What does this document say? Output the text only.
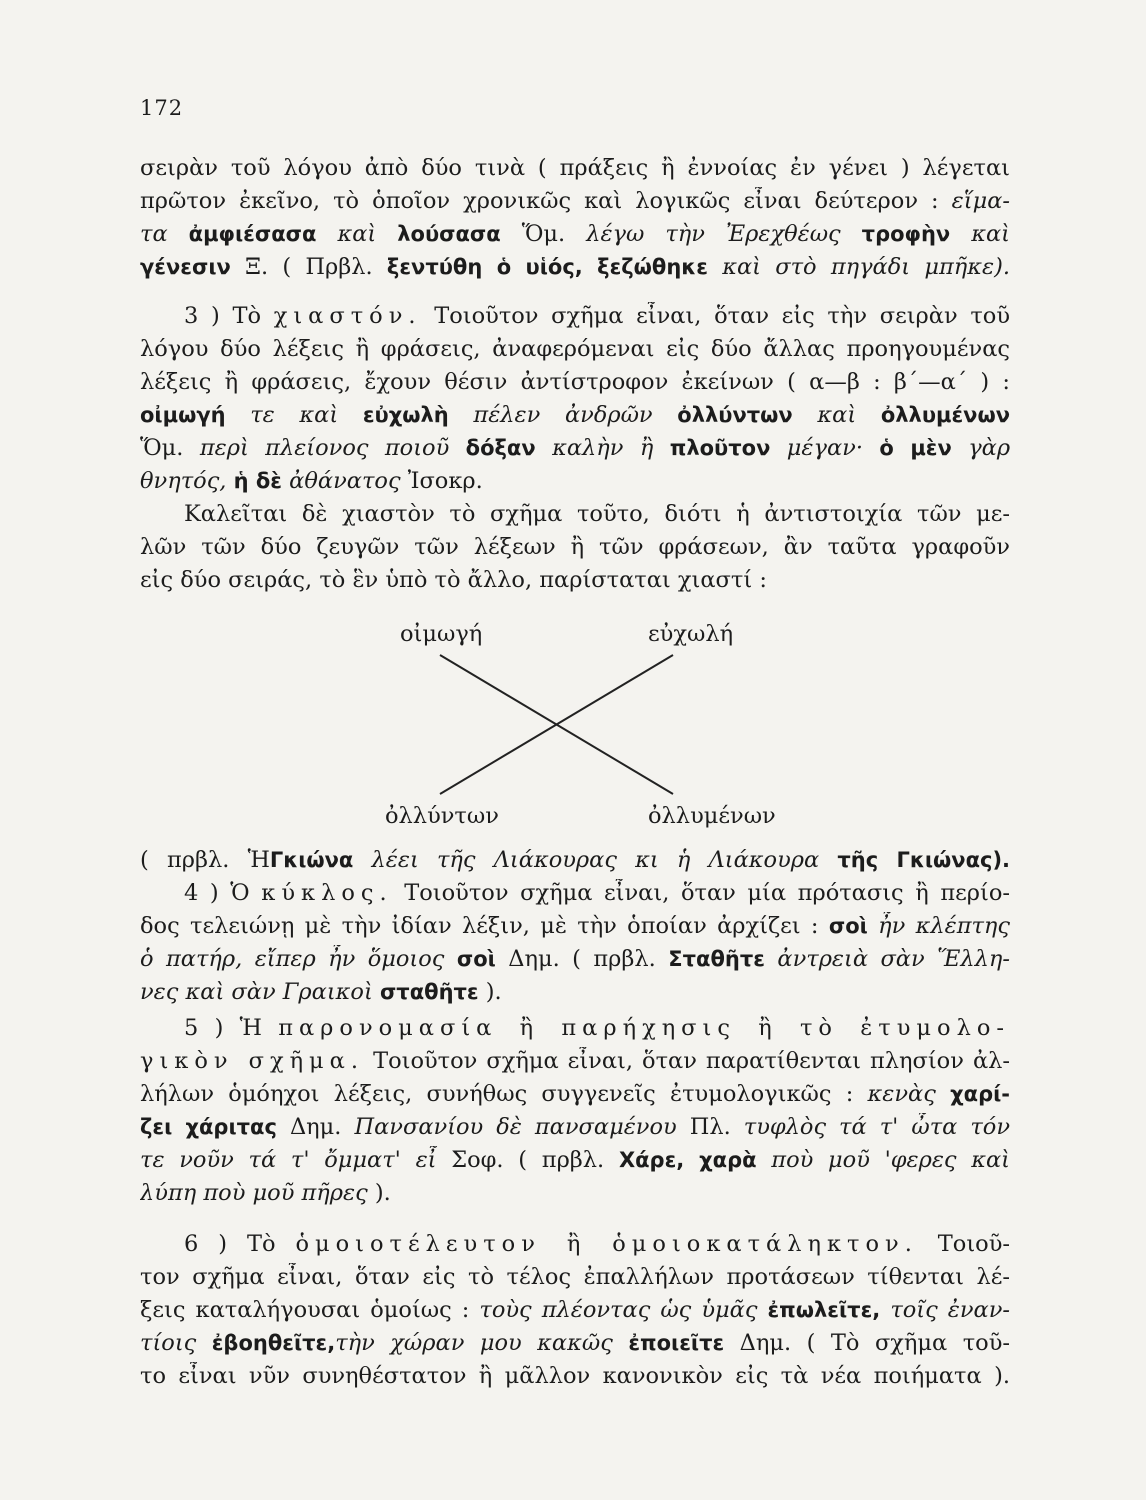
172
σειρὰν τοῦ λόγου ἀπὸ δύο τινὰ ( πράξεις ἢ ἐννοίας ἐν γένει ) λέγεται
πρῶτον ἐκεῖνο, τὸ ὁποῖον χρονικῶς καὶ λογικῶς εἶναι δεύτερον : εἵμα-
τα ἀμφιέσασα καὶ λούσασα Ὅμ. λέγω τὴν Ἐρεχθέως τροφὴν καὶ
γένεσιν Ξ. ( Πρβλ. ξεντύθη ὁ υἱός, ξεζώθηκε καὶ στὸ πηγάδι μπῆκε).
3 ) Τὸ χιαστόν. Τοιοῦτον σχῆμα εἶναι, ὅταν εἰς τὴν σειρὰν τοῦ
λόγου δύο λέξεις ἢ φράσεις, ἀναφερόμεναι εἰς δύο ἄλλας προηγουμένας
λέξεις ἢ φράσεις, ἔχουν θέσιν ἀντίστροφον ἐκείνων ( α—β : β΄—α΄ ) :
οἰμωγή τε καὶ εὐχωλὴ πέλεν ἀνδρῶν ὀλλύντων καὶ ὀλλυμένων
Ὅμ. περὶ πλείονος ποιοῦ δόξαν καλὴν ἢ πλοῦτον μέγαν· ὁ μὲν γὰρ
θνητός, ἡ δὲ ἀθάνατος Ἰσοκρ.
Καλεῖται δὲ χιαστὸν τὸ σχῆμα τοῦτο, διότι ἡ ἀντιστοιχία τῶν με-
λῶν τῶν δύο ζευγῶν τῶν λέξεων ἢ τῶν φράσεων, ἂν ταῦτα γραφοῦν
εἰς δύο σειράς, τὸ ἓν ὑπὸ τὸ ἄλλο, παρίσταται χιαστί :
οἰμωγή	εὐχωλή
ὀλλύντων	ὀλλυμένων
( πρβλ. ἩΓκιώνα λέει τῆς Λιάκουρας κι ἡ Λιάκουρα τῆς Γκιώνας).
4 ) Ὁ κύκλος. Τοιοῦτον σχῆμα εἶναι, ὅταν μία πρότασις ἢ περίο-
δος τελειώνῃ μὲ τὴν ἰδίαν λέξιν, μὲ τὴν ὁποίαν ἀρχίζει : σοὶ ἦν κλέπτης
ὁ πατήρ, εἴπερ ἦν ὅμοιος σοὶ Δημ. ( πρβλ. Σταθῆτε ἀντρειὰ σὰν Ἕλλη-
νες καὶ σὰν Γραικοὶ σταθῆτε ).
5 ) Ἡ παρονομασία ἢ παρήχησις ἢ τὸ ἐτυμολο-
γικὸν σχῆμα. Τοιοῦτον σχῆμα εἶναι, ὅταν παρατίθενται πλησίον ἀλ-
λήλων ὁμόηχοι λέξεις, συνήθως συγγενεῖς ἐτυμολογικῶς : κενὰς χαρί-
ζει χάριτας Δημ. Πανσανίου δὲ πανσαμένου Πλ. τυφλὸς τά τ' ὦτα τόν
τε νοῦν τά τ' ὄμματ' εἶ Σοφ. ( πρβλ. Χάρε, χαρὰ ποὺ μοῦ 'φερες καὶ
λύπη ποὺ μοῦ πῆρες ).
6 ) Τὸ ὁμοιοτέλευτον ἢ ὁμοιοκατάληκτον. Τοιοῦ-
τον σχῆμα εἶναι, ὅταν εἰς τὸ τέλος ἐπαλλήλων προτάσεων τίθενται λέ-
ξεις καταλήγουσαι ὁμοίως : τοὺς πλέοντας ὡς ὑμᾶς ἐπωλεῖτε, τοῖς ἐναν-
τίοις ἐβοηθεῖτε,τὴν χώραν μου κακῶς ἐποιεῖτε Δημ. ( Τὸ σχῆμα τοῦ-
το εἶναι νῦν συνηθέστατον ἢ μᾶλλον κανονικὸν εἰς τὰ νέα ποιήματα ).
